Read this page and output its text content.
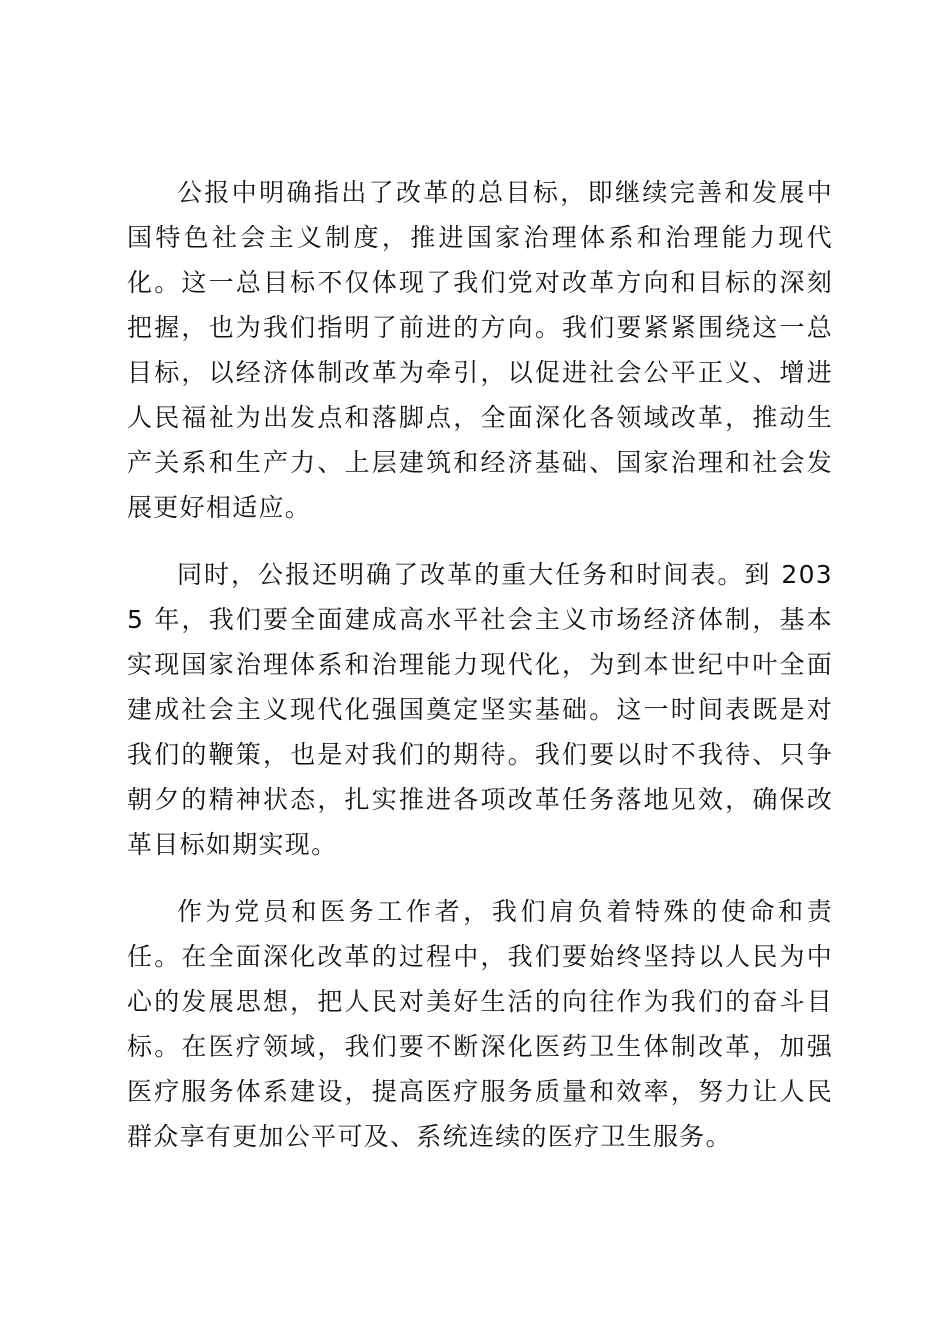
公报中明确指出了改革的总目标，即继续完善和发展中国特色社会主义制度，推进国家治理体系和治理能力现代化。这一总目标不仅体现了我们党对改革方向和目标的深刻把握，也为我们指明了前进的方向。我们要紧紧围绕这一总目标，以经济体制改革为牵引，以促进社会公平正义、增进人民福祉为出发点和落脚点，全面深化各领域改革，推动生产关系和生产力、上层建筑和经济基础、国家治理和社会发展更好相适应。

同时，公报还明确了改革的重大任务和时间表。到 2035 年，我们要全面建成高水平社会主义市场经济体制，基本实现国家治理体系和治理能力现代化，为到本世纪中叶全面建成社会主义现代化强国奠定坚实基础。这一时间表既是对我们的鞭策，也是对我们的期待。我们要以时不我待、只争朝夕的精神状态，扎实推进各项改革任务落地见效，确保改革目标如期实现。

作为党员和医务工作者，我们肩负着特殊的使命和责任。在全面深化改革的过程中，我们要始终坚持以人民为中心的发展思想，把人民对美好生活的向往作为我们的奋斗目标。在医疗领域，我们要不断深化医药卫生体制改革，加强医疗服务体系建设，提高医疗服务质量和效率，努力让人民群众享有更加公平可及、系统连续的医疗卫生服务。
